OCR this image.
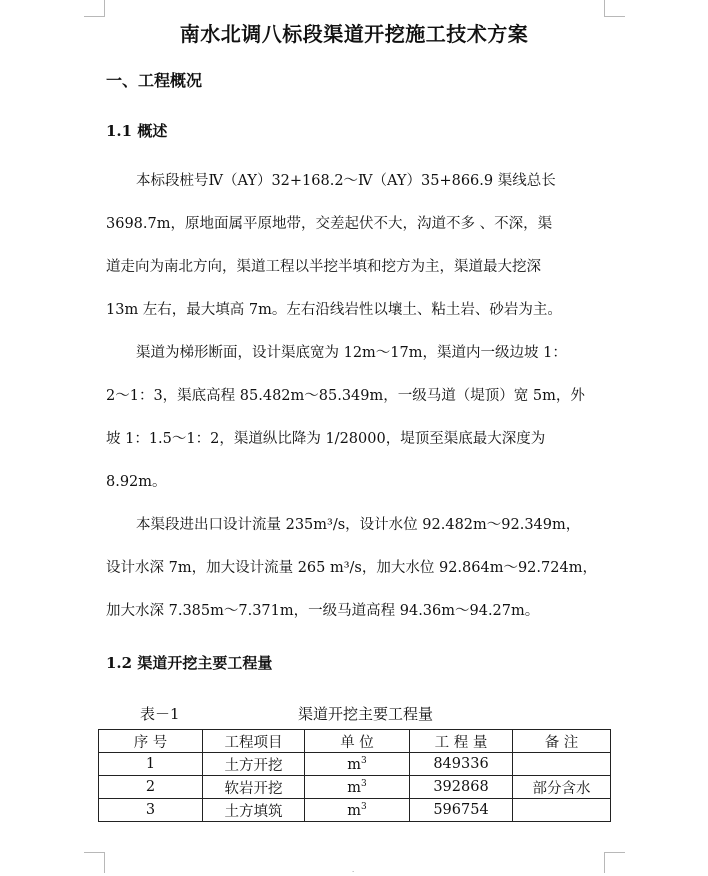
南水北调八标段渠道开挖施工技术方案
一、工程概况
1.1 概述

本标段桩号Ⅳ（AY）32+168.2～Ⅳ（AY）35+866.9 渠线总长

3698.7m，原地面属平原地带，交差起伏不大，沟道不多 、不深，渠

道走向为南北方向，渠道工程以半挖半填和挖方为主，渠道最大挖深

13m 左右，最大填高 7m。左右沿线岩性以壤土、粘土岩、砂岩为主。

渠道为梯形断面，设计渠底宽为 12m～17m，渠道内一级边坡 1：

2～1：3，渠底高程 85.482m～85.349m，一级马道（堤顶）宽 5m，外

坡 1：1.5～1：2，渠道纵比降为 1/28000，堤顶至渠底最大深度为

8.92m。

本渠段进出口设计流量 235m³/s，设计水位 92.482m～92.349m，

设计水深 7m，加大设计流量 265 m³/s，加大水位 92.864m～92.724m，

加大水深 7.385m～7.371m，一级马道高程 94.36m～94.27m。

1.2 渠道开挖主要工程量
表－1	渠道开挖主要工程量
序 号	工程项目	单 位	工 程 量	备 注
1	土方开挖	$m^3$	849336	
2	软岩开挖	$m^3$	392868	部分含水
3	土方填筑	$m^3$	596754	
·
